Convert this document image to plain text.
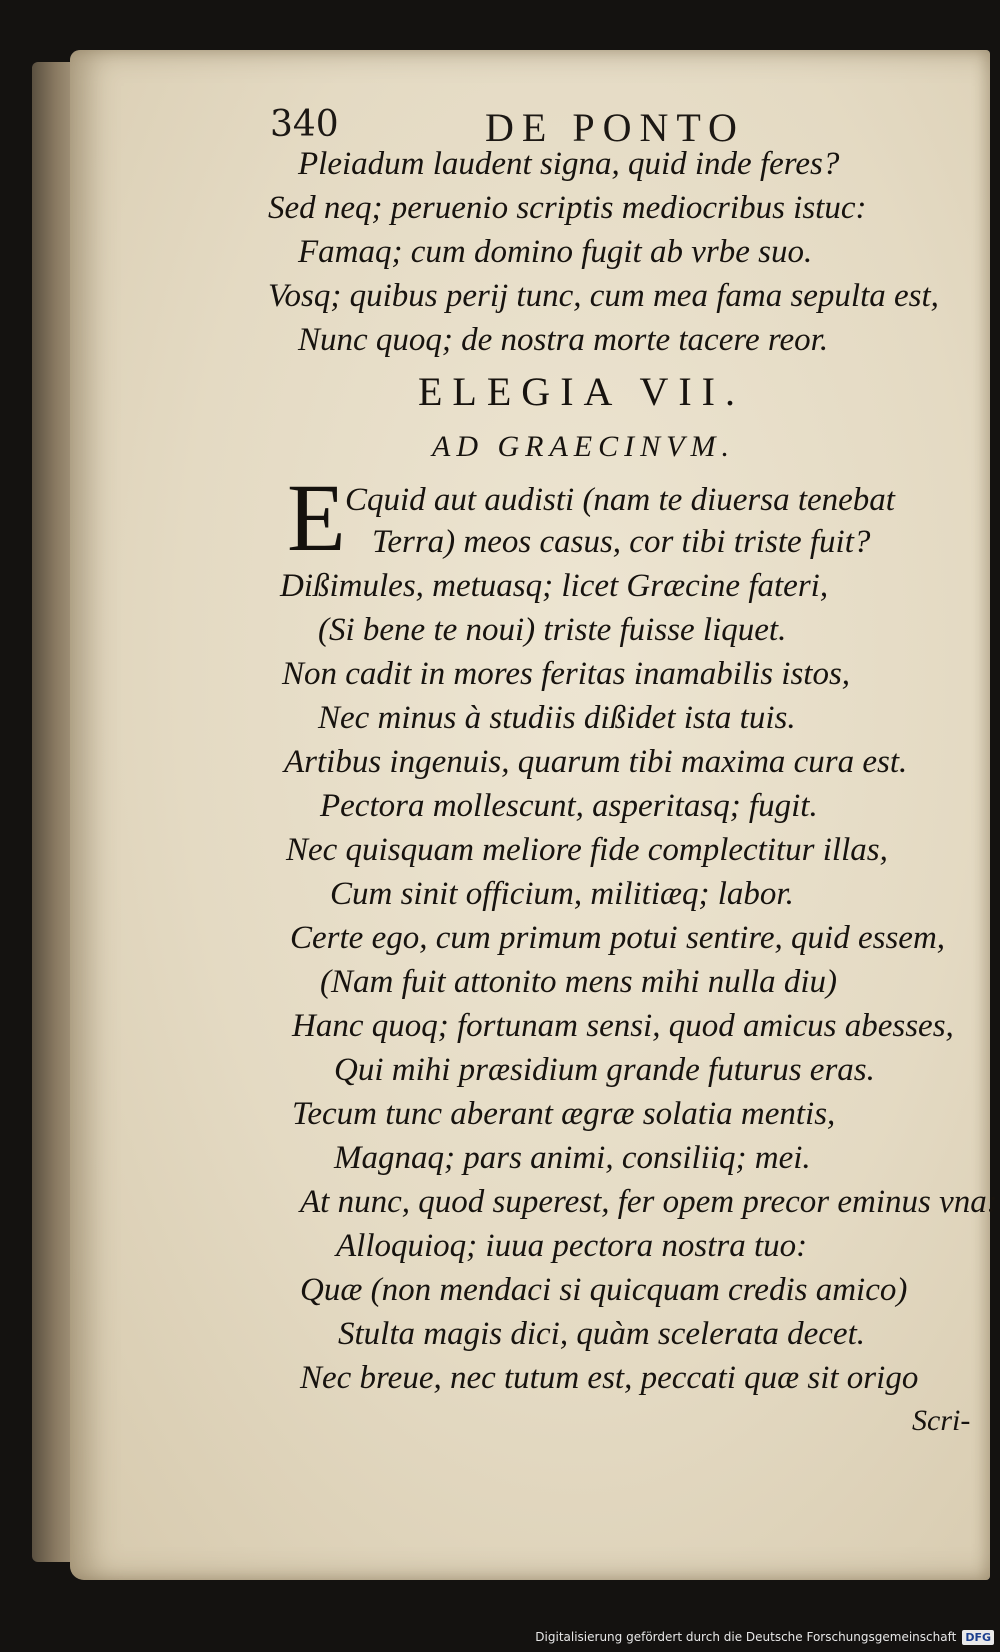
340	DE PONTO
Pleiadum laudent signa, quid inde feres?
Sed neq; peruenio scriptis mediocribus istuc:
Famaq; cum domino fugit ab vrbe suo.
Vosq; quibus perij tunc, cum mea fama sepulta est,
Nunc quoq; de nostra morte tacere reor.
ELEGIA VII.
AD GRAECINVM.
E Cquid aut audisti (nam te diuersa tenebat
Terra) meos casus, cor tibi triste fuit?
Dißimules, metuasq; licet Græcine fateri,
(Si bene te noui) triste fuisse liquet.
Non cadit in mores feritas inamabilis istos,
Nec minus à studiis dißidet ista tuis.
Artibus ingenuis, quarum tibi maxima cura est.
Pectora mollescunt, asperitasq; fugit.
Nec quisquam meliore fide complectitur illas,
Cum sinit officium, militiæq; labor.
Certe ego, cum primum potui sentire, quid essem,
(Nam fuit attonito mens mihi nulla diu)
Hanc quoq; fortunam sensi, quod amicus abesses,
Qui mihi præsidium grande futurus eras.
Tecum tunc aberant ægræ solatia mentis,
Magnaq; pars animi, consiliiq; mei.
At nunc, quod superest, fer opem precor eminus vna:
Alloquioq; iuua pectora nostra tuo:
Quæ (non mendaci si quicquam credis amico)
Stulta magis dici, quàm scelerata decet.
Nec breue, nec tutum est, peccati quæ sit origo
Scri-
Digitalisierung gefördert durch die Deutsche Forschungsgemeinschaft DFG
